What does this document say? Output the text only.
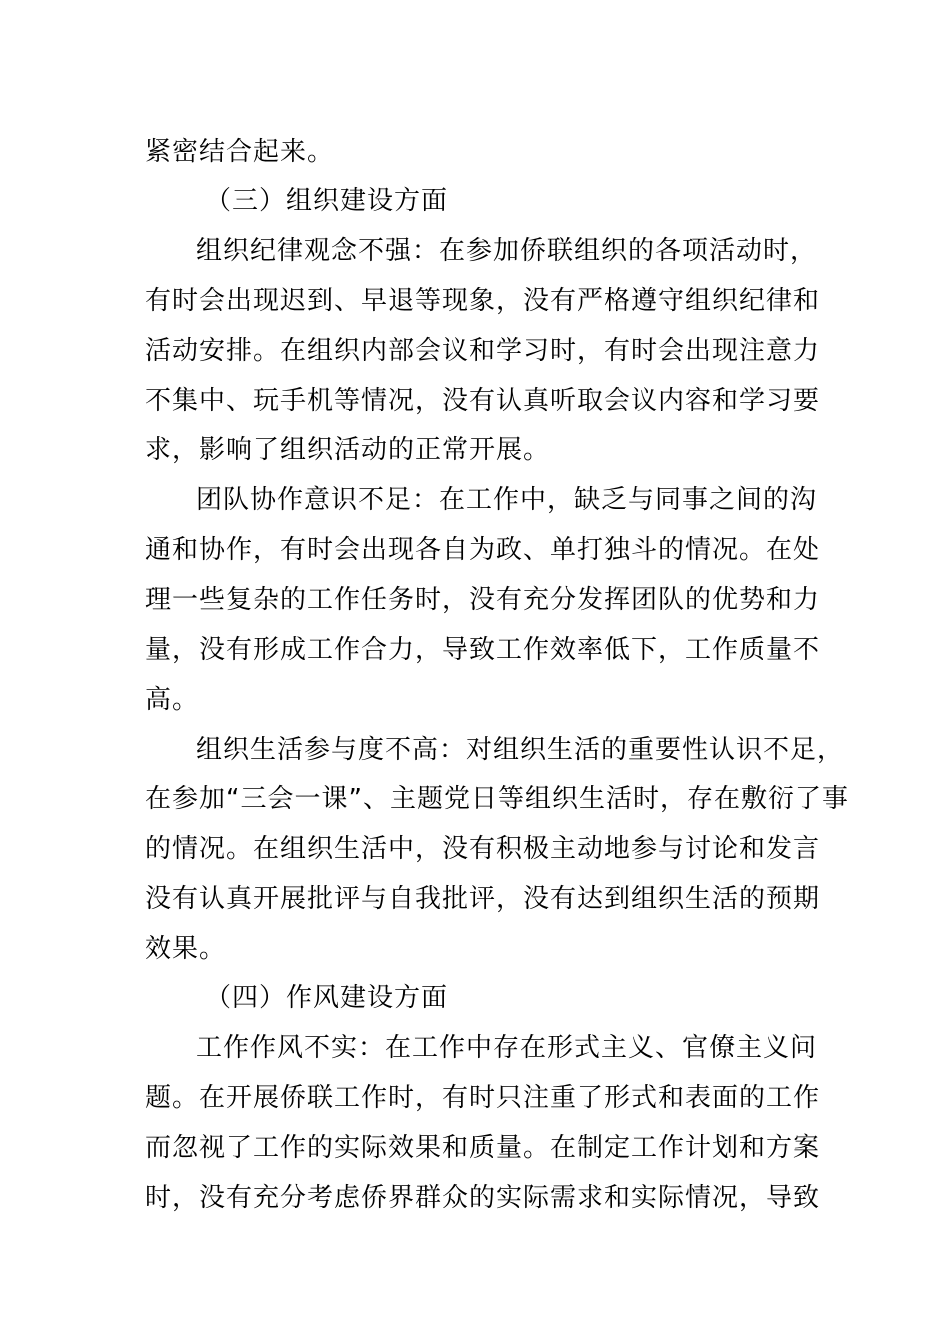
紧密结合起来。
（三）组织建设方面
组织纪律观念不强：在参加侨联组织的各项活动时，
有时会出现迟到、早退等现象，没有严格遵守组织纪律和
活动安排。在组织内部会议和学习时，有时会出现注意力
不集中、玩手机等情况，没有认真听取会议内容和学习要
求，影响了组织活动的正常开展。
团队协作意识不足：在工作中，缺乏与同事之间的沟
通和协作，有时会出现各自为政、单打独斗的情况。在处
理一些复杂的工作任务时，没有充分发挥团队的优势和力
量，没有形成工作合力，导致工作效率低下，工作质量不
高。
组织生活参与度不高：对组织生活的重要性认识不足，
在参加“三会一课”、主题党日等组织生活时，存在敷衍了事
的情况。在组织生活中，没有积极主动地参与讨论和发言
没有认真开展批评与自我批评，没有达到组织生活的预期
效果。
（四）作风建设方面
工作作风不实：在工作中存在形式主义、官僚主义问
题。在开展侨联工作时，有时只注重了形式和表面的工作
而忽视了工作的实际效果和质量。在制定工作计划和方案
时，没有充分考虑侨界群众的实际需求和实际情况，导致
